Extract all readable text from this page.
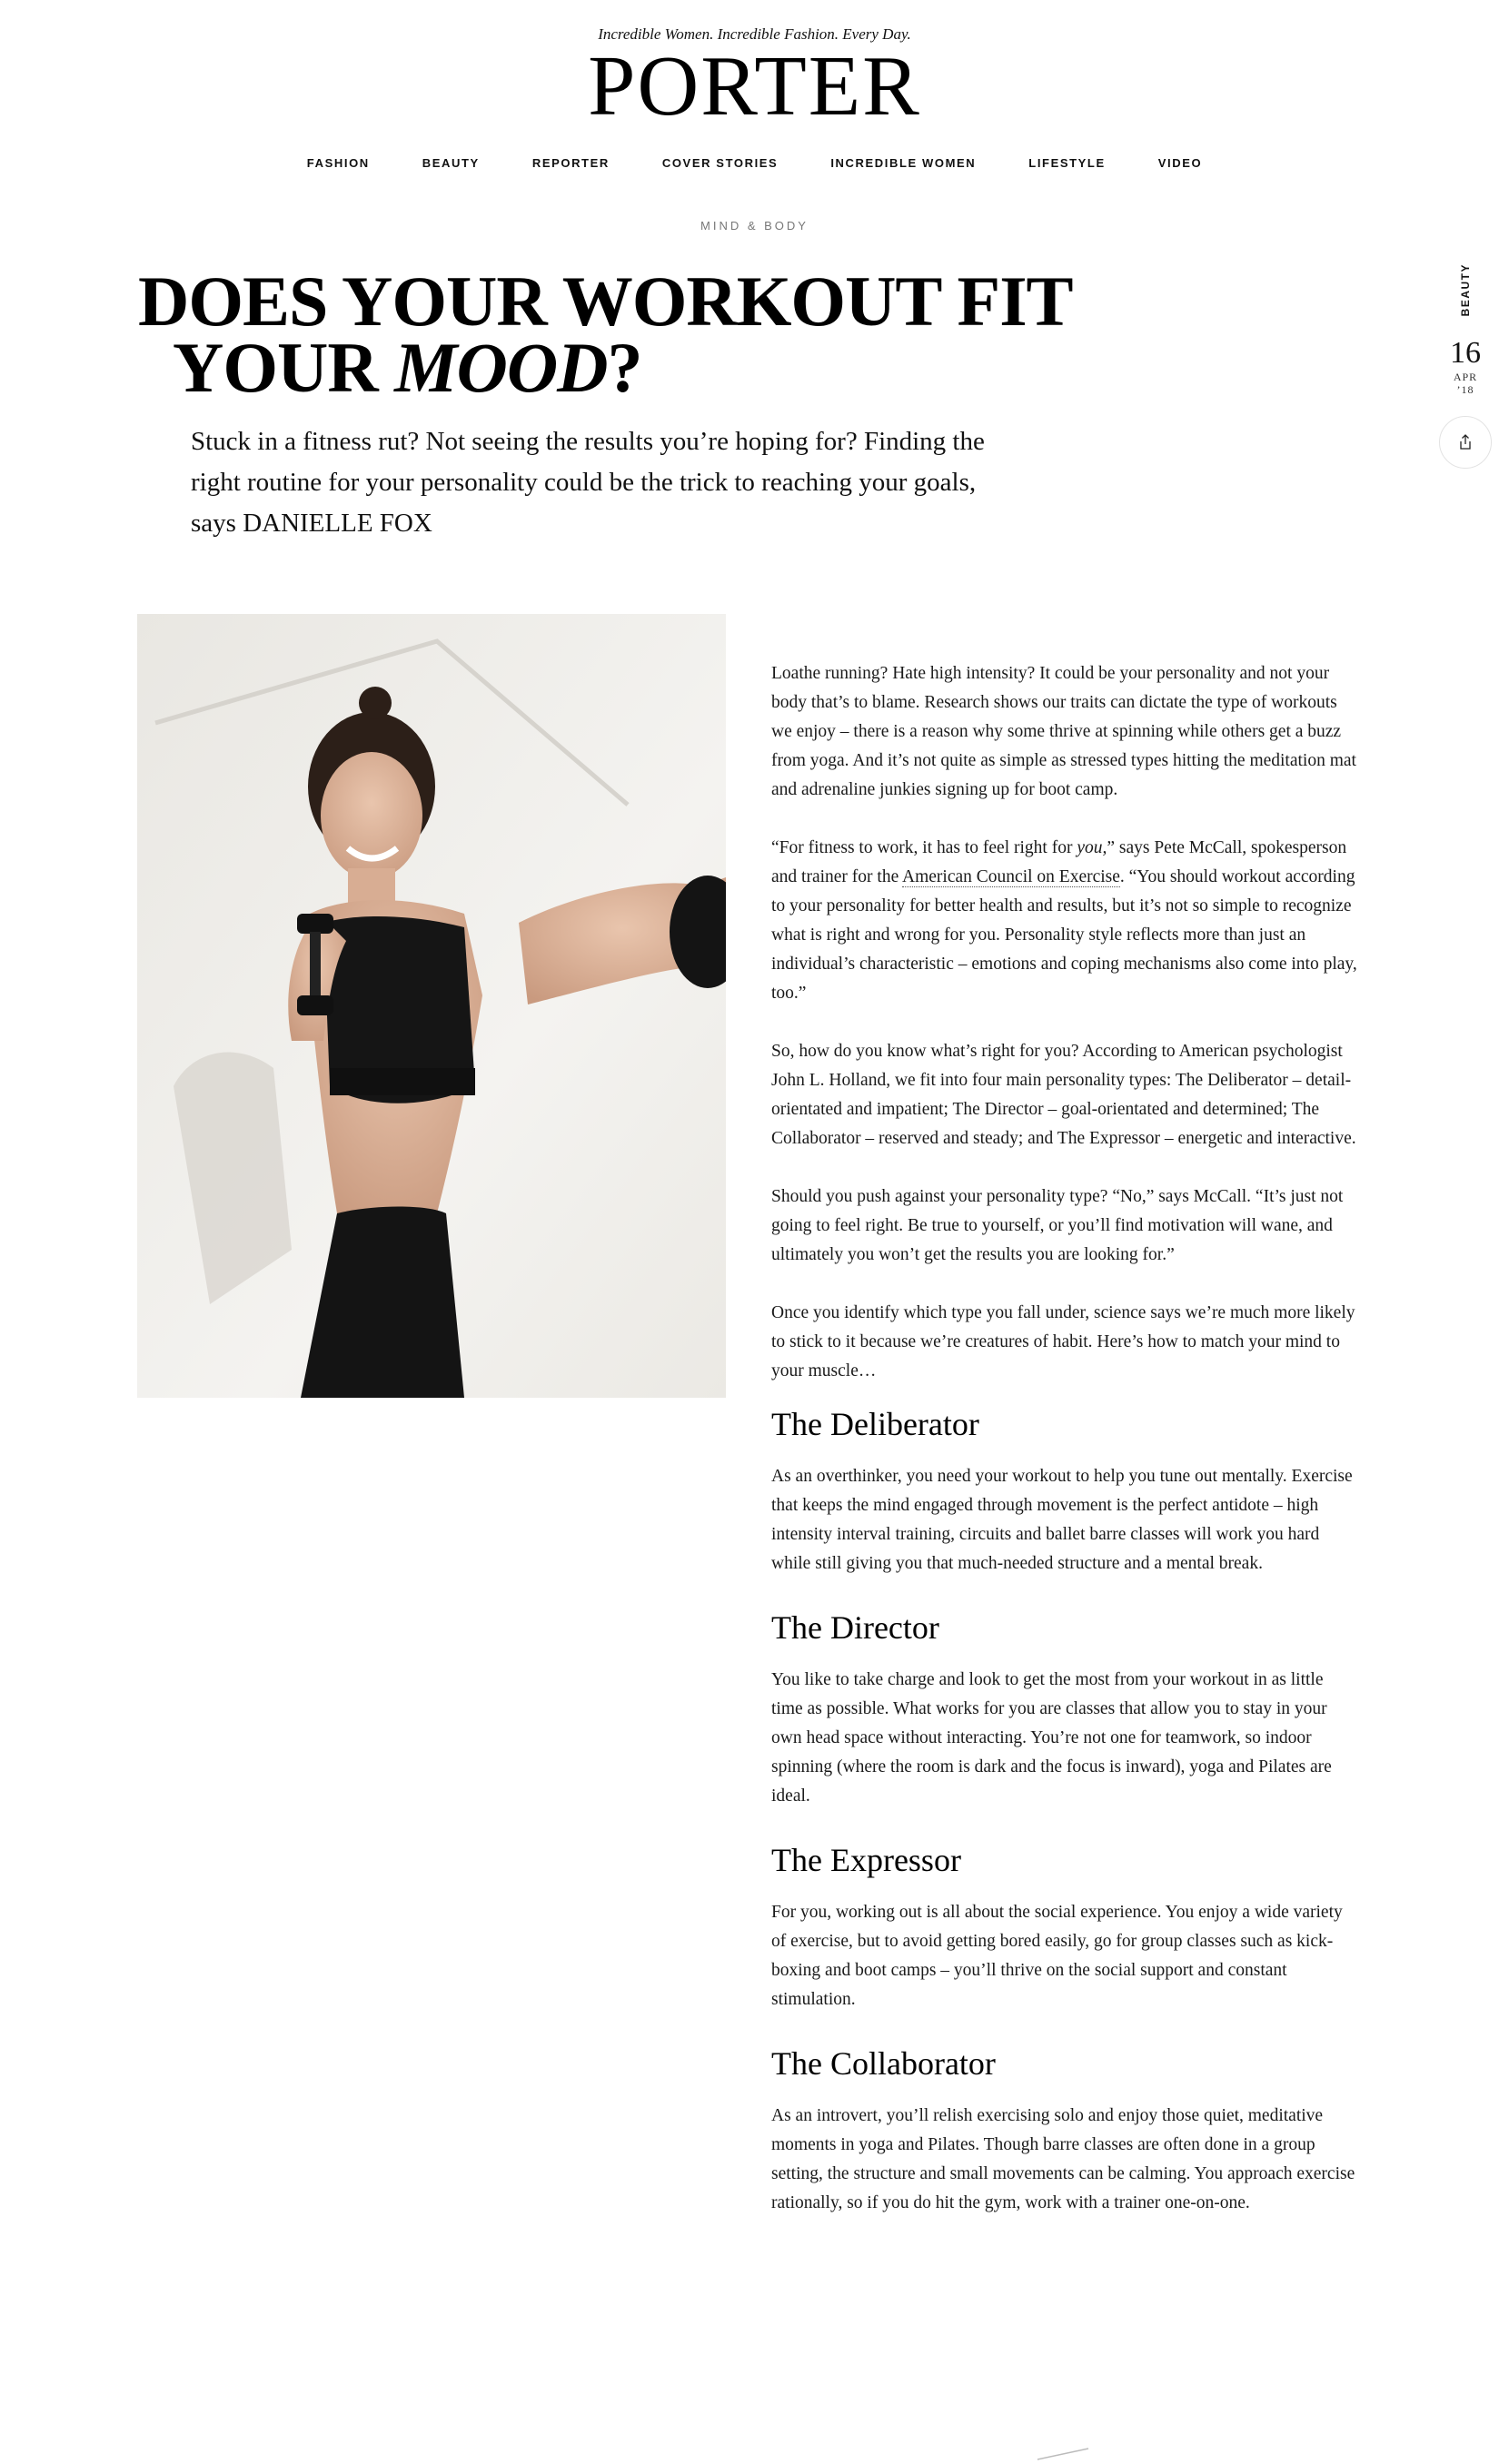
Incredible Women. Incredible Fashion. Every Day.
PORTER
FASHION	BEAUTY	REPORTER	COVER STORIES	INCREDIBLE WOMEN	LIFESTYLE	VIDEO
MIND & BODY
DOES YOUR WORKOUT FIT
YOUR MOOD?

Stuck in a fitness rut? Not seeing the results you’re hoping for? Finding the right routine for your personality could be the trick to reaching your goals, says DANIELLE FOX

BEAUTY
16
APR
’18

Loathe running? Hate high intensity? It could be your personality and not your body that’s to blame. Research shows our traits can dictate the type of workouts we enjoy – there is a reason why some thrive at spinning while others get a buzz from yoga. And it’s not quite as simple as stressed types hitting the meditation mat and adrenaline junkies signing up for boot camp.

“For fitness to work, it has to feel right for you,” says Pete McCall, spokesperson and trainer for the American Council on Exercise. “You should workout according to your personality for better health and results, but it’s not so simple to recognize what is right and wrong for you. Personality style reflects more than just an individual’s characteristic – emotions and coping mechanisms also come into play, too.”

So, how do you know what’s right for you? According to American psychologist John L. Holland, we fit into four main personality types: The Deliberator – detail-orientated and impatient; The Director – goal-orientated and determined; The Collaborator – reserved and steady; and The Expressor – energetic and interactive.

Should you push against your personality type? “No,” says McCall. “It’s just not going to feel right. Be true to yourself, or you’ll find motivation will wane, and ultimately you won’t get the results you are looking for.”

Once you identify which type you fall under, science says we’re much more likely to stick to it because we’re creatures of habit. Here’s how to match your mind to your muscle…

The Deliberator

As an overthinker, you need your workout to help you tune out mentally. Exercise that keeps the mind engaged through movement is the perfect antidote – high intensity interval training, circuits and ballet barre classes will work you hard while still giving you that much-needed structure and a mental break.

The Director

You like to take charge and look to get the most from your workout in as little time as possible. What works for you are classes that allow you to stay in your own head space without interacting. You’re not one for teamwork, so indoor spinning (where the room is dark and the focus is inward), yoga and Pilates are ideal.

The Expressor

For you, working out is all about the social experience. You enjoy a wide variety of exercise, but to avoid getting bored easily, go for group classes such as kick-boxing and boot camps – you’ll thrive on the social support and constant stimulation.

The Collaborator

As an introvert, you’ll relish exercising solo and enjoy those quiet, meditative moments in yoga and Pilates. Though barre classes are often done in a group setting, the structure and small movements can be calming. You approach exercise rationally, so if you do hit the gym, work with a trainer one-on-one.
